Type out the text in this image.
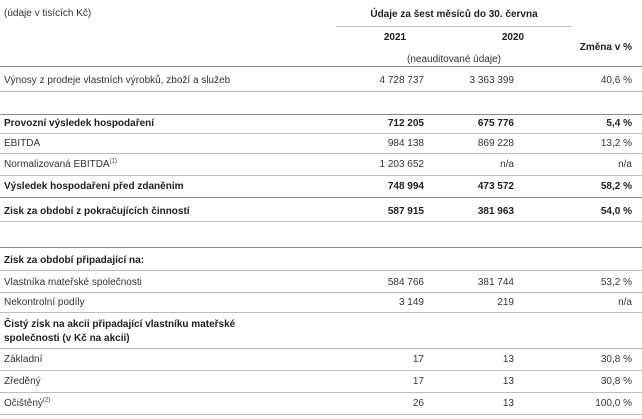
(údaje v tisících Kč)	Údaje za šest měsíců do 30. června
2021	2020
(neauditované údaje)
Změna v %
Výnosy z prodeje vlastních výrobků, zboží a služeb	4 728 737	3 363 399	40,6 %
Provozní výsledek hospodaření	712 205	675 776	5,4 %
EBITDA	984 138	869 228	13,2 %
Normalizovaná EBITDA$^{(1)}$	1 203 652	n/a	n/a
Výsledek hospodaření před zdaněním	748 994	473 572	58,2 %
Zisk za období z pokračujících činností	587 915	381 963	54,0 %
Zisk za období připadající na:
Vlastníka mateřské společnosti	584 766	381 744	53,2 %
Nekontrolní podíly	3 149	219	n/a
Čistý zisk na akcii připadající vlastníku mateřské
společnosti (v Kč na akcii)
Základní	17	13	30,8 %
Zředěný	17	13	30,8 %
Očištěný$^{(2)}$	26	13	100,0 %
